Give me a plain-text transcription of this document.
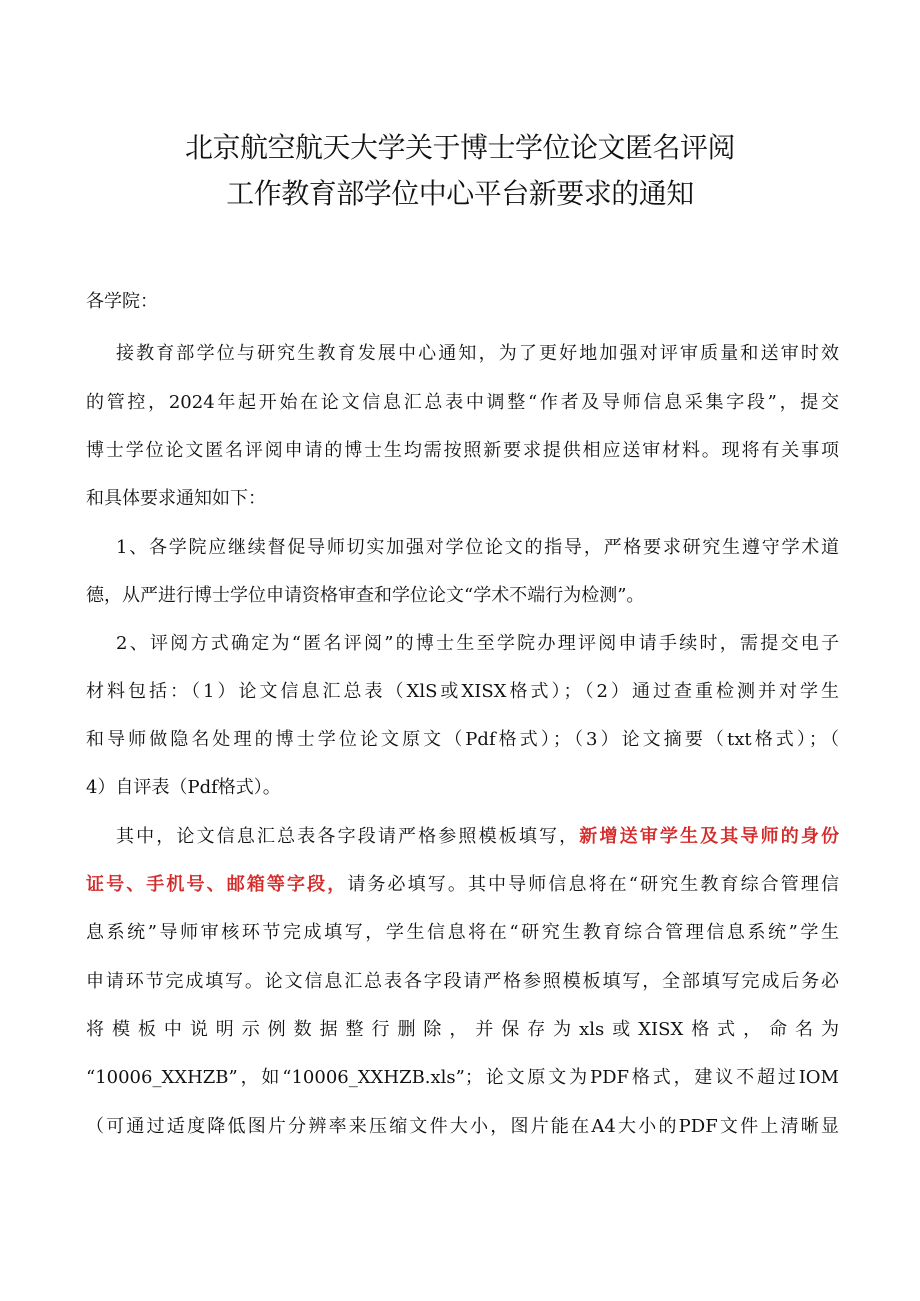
北京航空航天大学关于博士学位论文匿名评阅
工作教育部学位中心平台新要求的通知
各学院：
接教育部学位与研究生教育发展中心通知，为了更好地加强对评审质量和送审时效
的管控，2024年起开始在论文信息汇总表中调整“作者及导师信息采集字段”，提交
博士学位论文匿名评阅申请的博士生均需按照新要求提供相应送审材料。现将有关事项
和具体要求通知如下：
1、各学院应继续督促导师切实加强对学位论文的指导，严格要求研究生遵守学术道
德，从严进行博士学位申请资格审查和学位论文“学术不端行为检测”。
2、评阅方式确定为“匿名评阅”的博士生至学院办理评阅申请手续时，需提交电子
材料包括：（1）论文信息汇总表（XlS或XISX格式）；（2）通过查重检测并对学生
和导师做隐名处理的博士学位论文原文（Pdf格式）；（3）论文摘要（txt格式）；（
4）自评表（Pdf格式）。
其中，论文信息汇总表各字段请严格参照模板填写，新增送审学生及其导师的身份
证号、手机号、邮箱等字段，请务必填写。其中导师信息将在“研究生教育综合管理信
息系统”导师审核环节完成填写，学生信息将在“研究生教育综合管理信息系统”学生
申请环节完成填写。论文信息汇总表各字段请严格参照模板填写，全部填写完成后务必
将模板中说明示例数据整行删除，并保存为xls或XISX格式，命名为
“10006_XXHZB”，如“10006_XXHZB.xls”；论文原文为PDF格式，建议不超过IOM
（可通过适度降低图片分辨率来压缩文件大小，图片能在A4大小的PDF文件上清晰显
